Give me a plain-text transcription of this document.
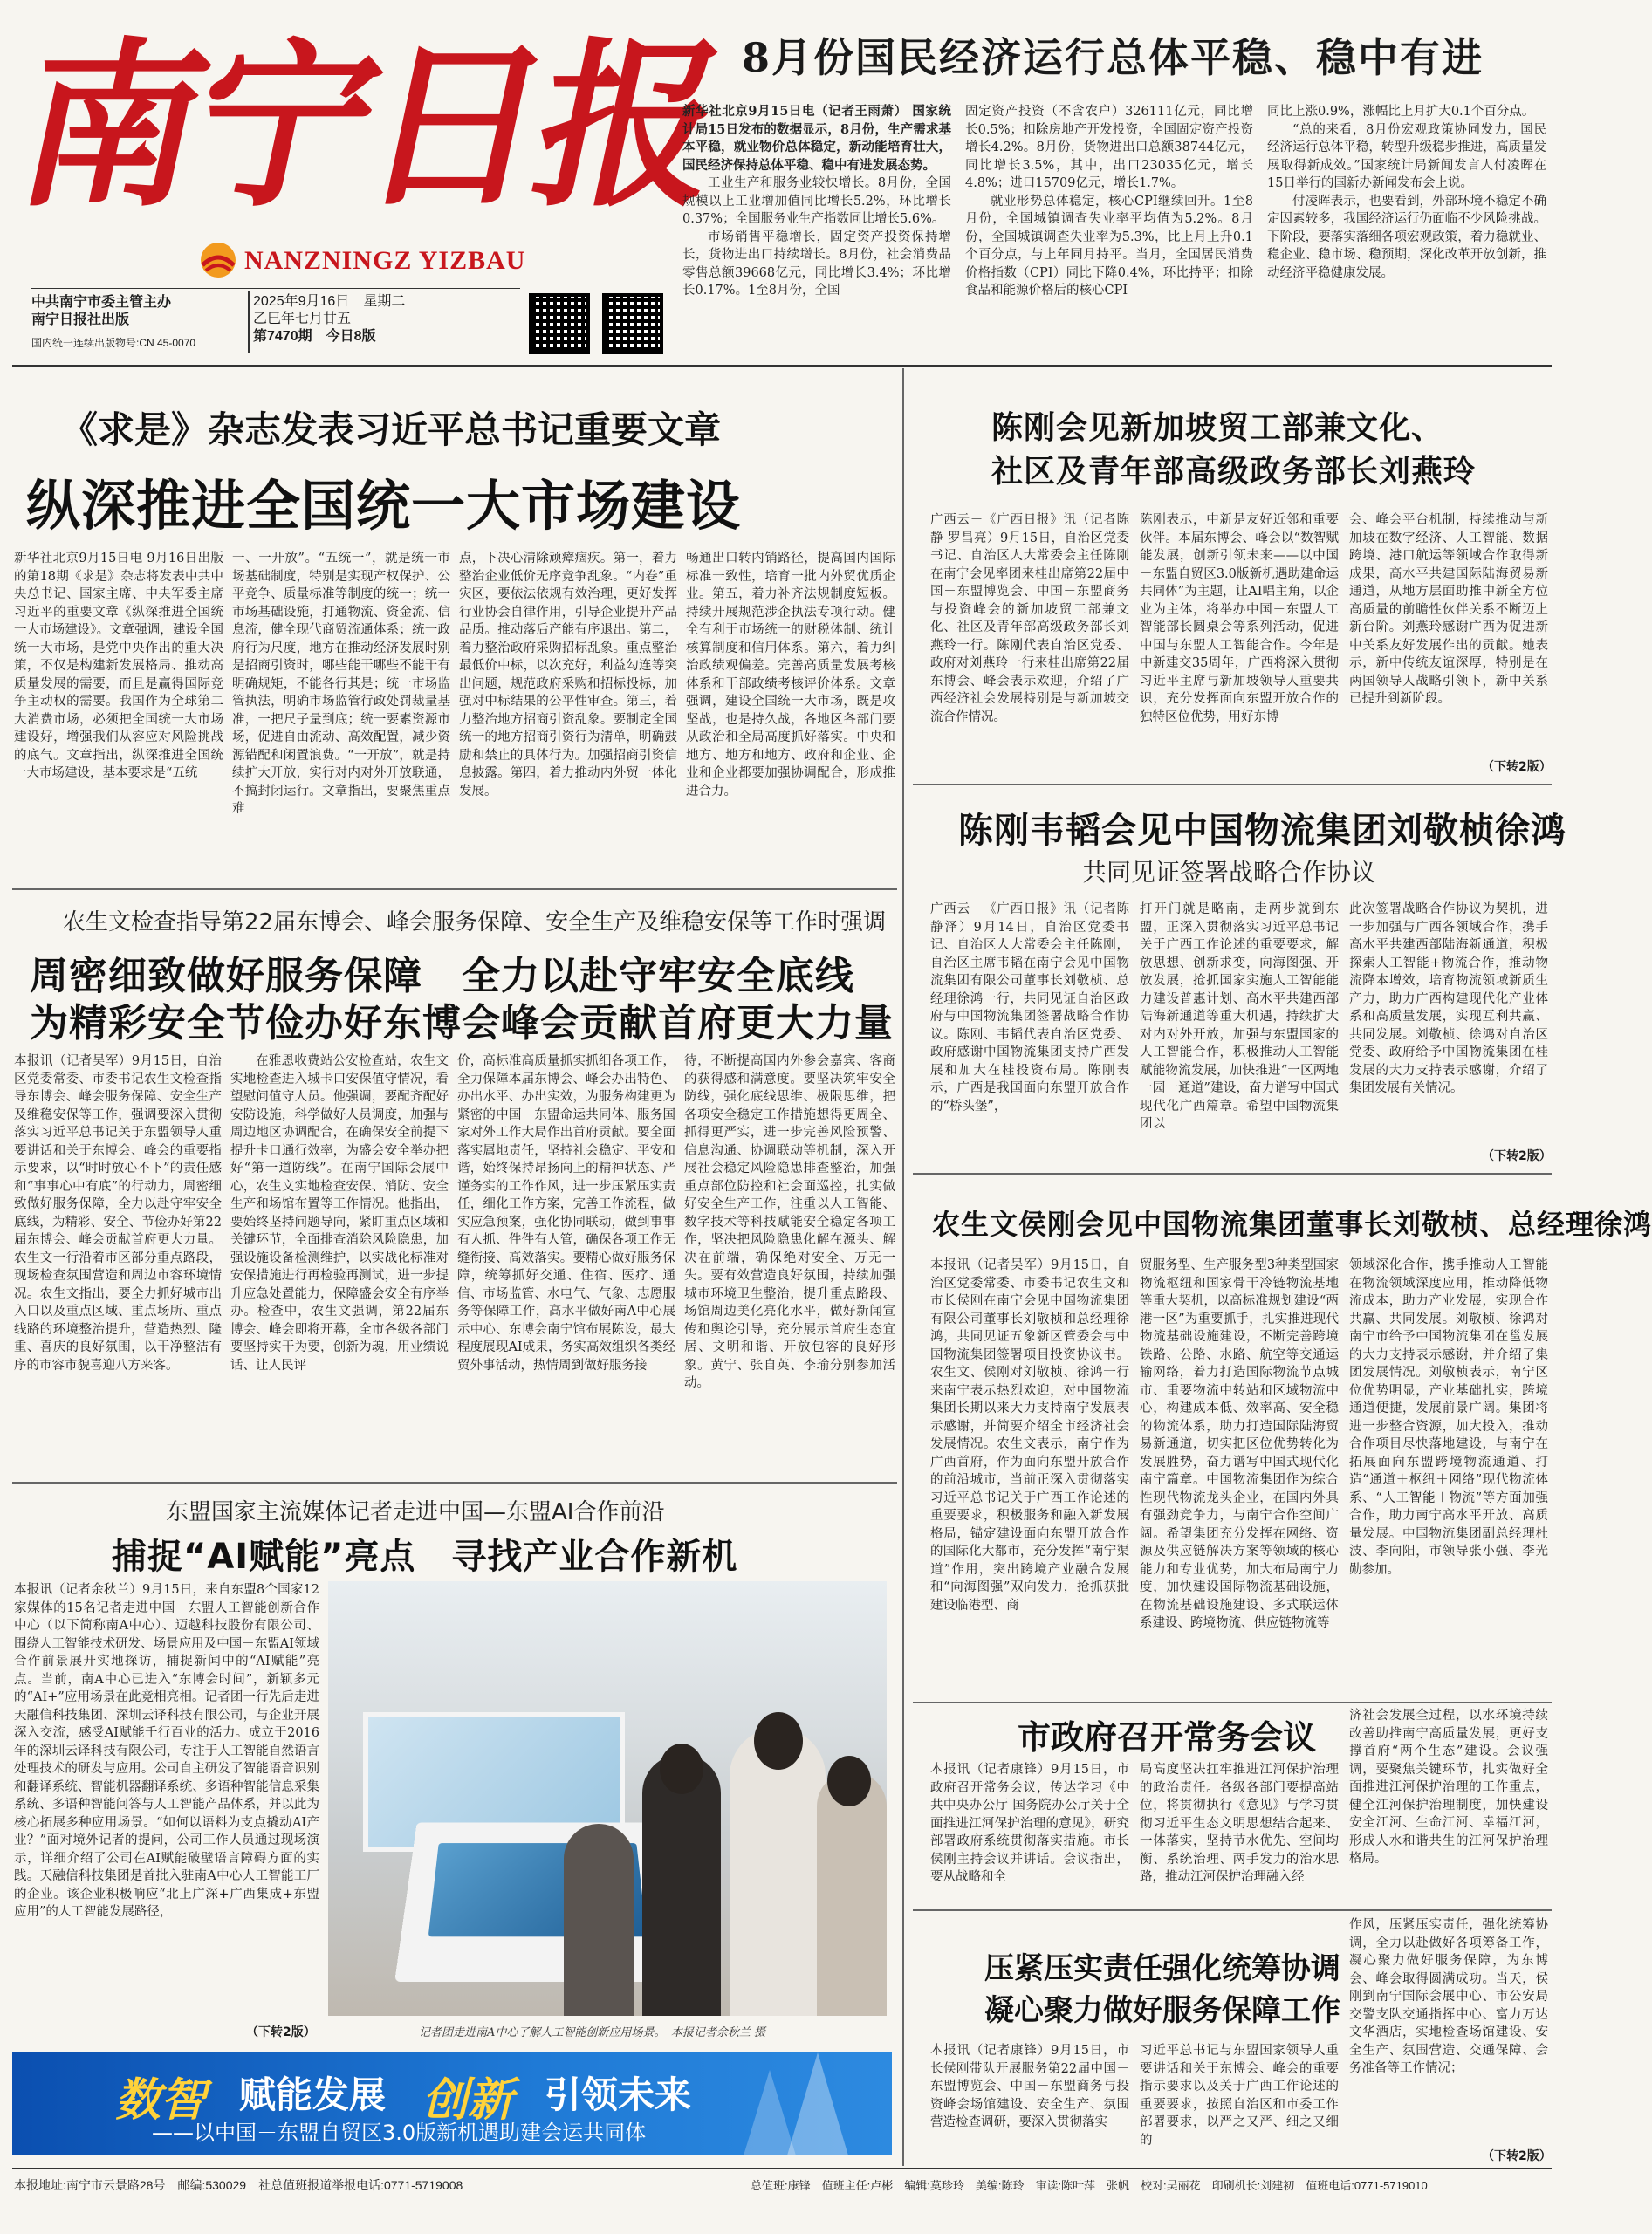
南宁日报
NANZNINGZ YIZBAU
中共南宁市委主管主办
南宁日报社出版
国内统一连续出版物号:CN 45-0070
2025年9月16日　 星期二
乙巳年七月廿五
第7470期　 今日8版
8月份国民经济运行总体平稳、稳中有进

新华社北京9月15日电（记者王雨萧） 国家统计局15日发布的数据显示，8月份，生产需求基本平稳，就业物价总体稳定，新动能培育壮大，国民经济保持总体平稳、稳中有进发展态势。

工业生产和服务业较快增长。8月份，全国规模以上工业增加值同比增长5.2%，环比增长0.37%；全国服务业生产指数同比增长5.6%。

市场销售平稳增长，固定资产投资保持增长，货物进出口持续增长。8月份，社会消费品零售总额39668亿元，同比增长3.4%；环比增长0.17%。1至8月份，全国

固定资产投资（不含农户）326111亿元，同比增长0.5%；扣除房地产开发投资，全国固定资产投资增长4.2%。8月份，货物进出口总额38744亿元，同比增长3.5%，其中，出口23035亿元，增长4.8%；进口15709亿元，增长1.7%。

就业形势总体稳定，核心CPI继续回升。1至8月份，全国城镇调查失业率平均值为5.2%。8月份，全国城镇调查失业率为5.3%，比上月上升0.1个百分点，与上年同月持平。当月，全国居民消费价格指数（CPI）同比下降0.4%，环比持平；扣除食品和能源价格后的核心CPI

同比上涨0.9%，涨幅比上月扩大0.1个百分点。

“总的来看，8月份宏观政策协同发力，国民经济运行总体平稳，转型升级稳步推进，高质量发展取得新成效。”国家统计局新闻发言人付凌晖在15日举行的国新办新闻发布会上说。

付凌晖表示，也要看到，外部环境不稳定不确定因素较多，我国经济运行仍面临不少风险挑战。下阶段，要落实落细各项宏观政策，着力稳就业、稳企业、稳市场、稳预期，深化改革开放创新，推动经济平稳健康发展。

《求是》杂志发表习近平总书记重要文章
纵深推进全国统一大市场建设

新华社北京9月15日电 9月16日出版的第18期《求是》杂志将发表中共中央总书记、国家主席、中央军委主席习近平的重要文章《纵深推进全国统一大市场建设》。文章强调，建设全国统一大市场，是党中央作出的重大决策，不仅是构建新发展格局、推动高质量发展的需要，而且是赢得国际竞争主动权的需要。我国作为全球第二大消费市场，必须把全国统一大市场建设好，增强我们从容应对风险挑战的底气。文章指出，纵深推进全国统一大市场建设，基本要求是“五统

一、一开放”。“五统一”，就是统一市场基础制度，特别是实现产权保护、公平竞争、质量标准等制度的统一；统一市场基础设施，打通物流、资金流、信息流，健全现代商贸流通体系；统一政府行为尺度，地方在推动经济发展时别是招商引资时，哪些能干哪些不能干有明确规矩，不能各行其是；统一市场监管执法，明确市场监管行政处罚裁量基准，一把尺子量到底；统一要素资源市场，促进自由流动、高效配置，减少资源错配和闲置浪费。“一开放”，就是持续扩大开放，实行对内对外开放联通，不搞封闭运行。文章指出，要聚焦重点难

点，下决心清除顽瘴痼疾。第一，着力整治企业低价无序竞争乱象。“内卷”重灾区，要依法依规有效治理，更好发挥行业协会自律作用，引导企业提升产品品质。推动落后产能有序退出。第二，着力整治政府采购招标乱象。重点整治最低价中标，以次充好，利益勾连等突出问题，规范政府采购和招标投标，加强对中标结果的公平性审查。第三，着力整治地方招商引资乱象。要制定全国统一的地方招商引资行为清单，明确鼓励和禁止的具体行为。加强招商引资信息披露。第四，着力推动内外贸一体化发展。

畅通出口转内销路径，提高国内国际标准一致性，培育一批内外贸优质企业。第五，着力补齐法规制度短板。持续开展规范涉企执法专项行动。健全有利于市场统一的财税体制、统计核算制度和信用体系。第六，着力纠治政绩观偏差。完善高质量发展考核体系和干部政绩考核评价体系。文章强调，建设全国统一大市场，既是攻坚战，也是持久战，各地区各部门要从政治和全局高度抓好落实。中央和地方、地方和地方、政府和企业、企业和企业都要加强协调配合，形成推进合力。

农生文检查指导第22届东博会、峰会服务保障、安全生产及维稳安保等工作时强调
周密细致做好服务保障　全力以赴守牢安全底线
为精彩安全节俭办好东博会峰会贡献首府更大力量

本报讯（记者吴军）9月15日，自治区党委常委、市委书记农生文检查指导东博会、峰会服务保障、安全生产及维稳安保等工作，强调要深入贯彻落实习近平总书记关于东盟领导人重要讲话和关于东博会、峰会的重要指示要求，以“时时放心不下”的责任感和“事事心中有底”的行动力，周密细致做好服务保障，全力以赴守牢安全底线，为精彩、安全、节俭办好第22届东博会、峰会贡献首府更大力量。农生文一行沿着市区部分重点路段，现场检查氛围营造和周边市容环境情况。农生文指出，要全力抓好城市出入口以及重点区域、重点场所、重点线路的环境整治提升，营造热烈、隆重、喜庆的良好氛围，以干净整洁有序的市容市貌喜迎八方来客。

在雅恩收费站公安检查站，农生文实地检查进入城卡口安保值守情况，看望慰问值守人员。他强调，要配齐配好安防设施，科学做好人员调度，加强与周边地区协调配合，在确保安全前提下提升卡口通行效率，为盛会安全举办把好“第一道防线”。在南宁国际会展中心，农生文实地检查安保、消防、安全生产和场馆布置等工作情况。他指出，要始终坚持问题导向，紧盯重点区域和关键环节，全面排查消除风险隐患，加强设施设备检测维护，以实战化标准对安保措施进行再检验再测试，进一步提升应急处置能力，保障盛会安全有序举办。检查中，农生文强调，第22届东博会、峰会即将开幕，全市各级各部门要坚持实干为要，创新为魂，用业绩说话、让人民评

价，高标准高质量抓实抓细各项工作，全力保障本届东博会、峰会办出特色、办出水平、办出实效，为服务构建更为紧密的中国－东盟命运共同体、服务国家对外工作大局作出首府贡献。要全面落实属地责任，坚持社会稳定、平安和谐，始终保持昂扬向上的精神状态、严谨务实的工作作风，进一步压紧压实责任，细化工作方案，完善工作流程，做实应急预案，强化协同联动，做到事事有人抓、件件有人管，确保各项工作无缝衔接、高效落实。要精心做好服务保障，统筹抓好交通、住宿、医疗、通信、市场监管、水电气、气象、志愿服务等保障工作，高水平做好南A中心展示中心、东博会南宁馆布展陈设，最大程度展现AI成果，务实高效组织各类经贸外事活动，热情周到做好服务接

待，不断提高国内外参会嘉宾、客商的获得感和满意度。要坚决筑牢安全防线，强化底线思维、极限思维，把各项安全稳定工作措施想得更周全、抓得更严实，进一步完善风险预警、信息沟通、协调联动等机制，深入开展社会稳定风险隐患排查整治，加强重点部位防控和社会面巡控，扎实做好安全生产工作，注重以人工智能、数字技术等科技赋能安全稳定各项工作，坚决把风险隐患化解在源头、解决在前端，确保绝对安全、万无一失。要有效营造良好氛围，持续加强城市环境卫生整治，提升重点路段、场馆周边美化亮化水平，做好新闻宣传和舆论引导，充分展示首府生态宜居、文明和谐、开放包容的良好形象。黄宁、张自英、李瑜分别参加活动。

东盟国家主流媒体记者走进中国—东盟AI合作前沿
捕捉“AI赋能”亮点　寻找产业合作新机

本报讯（记者余秋兰）9月15日，来自东盟8个国家12家媒体的15名记者走进中国－东盟人工智能创新合作中心（以下简称南A中心）、迈越科技股份有限公司、围绕人工智能技术研发、场景应用及中国－东盟AI领域合作前景展开实地探访，捕捉新闻中的“AI赋能”亮点。当前，南A中心已进入“东博会时间”，新颖多元的“AI+”应用场景在此竞相亮相。记者团一行先后走进天融信科技集团、深圳云译科技有限公司，与企业开展深入交流，感受AI赋能千行百业的活力。成立于2016年的深圳云译科技有限公司，专注于人工智能自然语言处理技术的研发与应用。公司自主研发了智能语音识别和翻译系统、智能机器翻译系统、多语种智能信息采集系统、多语种智能问答与人工智能产品体系，并以此为核心拓展多种应用场景。“如何以语料为支点撬动AI产业？”面对境外记者的提问，公司工作人员通过现场演示，详细介绍了公司在AI赋能破壁语言障碍方面的实践。天融信科技集团是首批入驻南A中心人工智能工厂的企业。该企业积极响应“北上广深+广西集成+东盟应用”的人工智能发展路径，

（下转2版）	记者团走进南A中心了解人工智能创新应用场景。　本报记者余秋兰 摄
数智 赋能发展 创新 引领未来
——以中国－东盟自贸区3.0版新机遇助建会运共同体
陈刚会见新加坡贸工部兼文化、
社区及青年部高级政务部长刘燕玲

广西云－《广西日报》讯（记者陈静 罗昌亮）9月15日，自治区党委书记、自治区人大常委会主任陈刚在南宁会见率团来桂出席第22届中国－东盟博览会、中国－东盟商务与投资峰会的新加坡贸工部兼文化、社区及青年部高级政务部长刘燕玲一行。陈刚代表自治区党委、政府对刘燕玲一行来桂出席第22届东博会、峰会表示欢迎，介绍了广西经济社会发展特别是与新加坡交流合作情况。

陈刚表示，中新是友好近邻和重要伙伴。本届东博会、峰会以“数智赋能发展，创新引领未来——以中国－东盟自贸区3.0版新机遇助建命运共同体”为主题，让AI唱主角，以企业为主体，将举办中国－东盟人工智能部长圆桌会等系列活动，促进中国与东盟人工智能合作。今年是中新建交35周年，广西将深入贯彻习近平主席与新加坡领导人重要共识，充分发挥面向东盟开放合作的独特区位优势，用好东博

会、峰会平台机制，持续推动与新加坡在数字经济、人工智能、数据跨境、港口航运等领域合作取得新成果，高水平共建国际陆海贸易新通道，从地方层面助推中新全方位高质量的前瞻性伙伴关系不断迈上新台阶。刘燕玲感谢广西为促进新中关系友好发展作出的贡献。她表示，新中传统友谊深厚，特别是在两国领导人战略引领下，新中关系已提升到新阶段。

（下转2版）
陈刚韦韬会见中国物流集团刘敬桢徐鸿
共同见证签署战略合作协议

广西云－《广西日报》讯（记者陈静泽）9月14日，自治区党委书记、自治区人大常委会主任陈刚，自治区主席韦韬在南宁会见中国物流集团有限公司董事长刘敬桢、总经理徐鸿一行，共同见证自治区政府与中国物流集团签署战略合作协议。陈刚、韦韬代表自治区党委、政府感谢中国物流集团支持广西发展和加大在桂投资布局。陈刚表示，广西是我国面向东盟开放合作的“桥头堡”，

打开门就是略南，走两步就到东盟，正深入贯彻落实习近平总书记关于广西工作论述的重要要求，解放思想、创新求变，向海图强、开放发展，抢抓国家实施人工智能能力建设普惠计划、高水平共建西部陆海新通道等重大机遇，持续扩大对内对外开放，加强与东盟国家的人工智能合作，积极推动人工智能赋能物流发展，加快推进“一区两地一园一通道”建设，奋力谱写中国式现代化广西篇章。希望中国物流集团以

此次签署战略合作协议为契机，进一步加强与广西各领域合作，携手高水平共建西部陆海新通道，积极探索人工智能+物流合作，推动物流降本增效，培育物流领域新质生产力，助力广西构建现代化产业体系和高质量发展，实现互利共赢、共同发展。刘敬桢、徐鸿对自治区党委、政府给予中国物流集团在桂发展的大力支持表示感谢，介绍了集团发展有关情况。

（下转2版）
农生文侯刚会见中国物流集团董事长刘敬桢、总经理徐鸿

本报讯（记者吴军）9月15日，自治区党委常委、市委书记农生文和市长侯刚在南宁会见中国物流集团有限公司董事长刘敬桢和总经理徐鸿，共同见证五象新区管委会与中国物流集团签署项目投资协议书。农生文、侯刚对刘敬桢、徐鸿一行来南宁表示热烈欢迎，对中国物流集团长期以来大力支持南宁发展表示感谢，并简要介绍全市经济社会发展情况。农生文表示，南宁作为广西首府，作为面向东盟开放合作的前沿城市，当前正深入贯彻落实习近平总书记关于广西工作论述的重要要求，积极服务和融入新发展格局，锚定建设面向东盟开放合作的国际化大都市，充分发挥“南宁渠道”作用，突出跨境产业融合发展和“向海图强”双向发力，抢抓获批建设临港型、商

贸服务型、生产服务型3种类型国家物流枢纽和国家骨干冷链物流基地等重大契机，以高标准规划建设“两港一区”为重要抓手，扎实推进现代物流基础设施建设，不断完善跨境铁路、公路、水路、航空等交通运输网络，着力打造国际物流节点城市、重要物流中转站和区域物流中心，构建成本低、效率高、安全稳的物流体系，助力打造国际陆海贸易新通道，切实把区位优势转化为发展胜势，奋力谱写中国式现代化南宁篇章。中国物流集团作为综合性现代物流龙头企业，在国内外具有强劲竞争力，与南宁合作空间广阔。希望集团充分发挥在网络、资源及供应链解决方案等领域的核心能力和专业优势，加大布局南宁力度，加快建设国际物流基础设施，在物流基础设施建设、多式联运体系建设、跨境物流、供应链物流等

领域深化合作，携手推动人工智能在物流领域深度应用，推动降低物流成本，助力产业发展，实现合作共赢、共同发展。刘敬桢、徐鸿对南宁市给予中国物流集团在邕发展的大力支持表示感谢，并介绍了集团发展情况。刘敬桢表示，南宁区位优势明显，产业基础扎实，跨境通道便捷，发展前景广阔。集团将进一步整合资源，加大投入，推动合作项目尽快落地建设，与南宁在拓展面向东盟跨境物流通道、打造“通道＋枢纽＋网络”现代物流体系、“人工智能＋物流”等方面加强合作，助力南宁高水平开放、高质量发展。中国物流集团副总经理杜波、李向阳，市领导张小强、李光勋参加。

市政府召开常务会议

本报讯（记者康锋）9月15日，市政府召开常务会议，传达学习《中共中央办公厅 国务院办公厅关于全面推进江河保护治理的意见》，研究部署政府系统贯彻落实措施。市长侯刚主持会议并讲话。会议指出，要从战略和全

局高度坚决扛牢推进江河保护治理的政治责任。各级各部门要提高站位，将贯彻执行《意见》与学习贯彻习近平生态文明思想结合起来、一体落实，坚持节水优先、空间均衡、系统治理、两手发力的治水思路，推动江河保护治理融入经

济社会发展全过程，以水环境持续改善助推南宁高质量发展，更好支撑首府“两个生态”建设。会议强调，要聚焦关键环节，扎实做好全面推进江河保护治理的工作重点，健全江河保护治理制度，加快建设安全江河、生命江河、幸福江河，形成人水和谐共生的江河保护治理格局。

压紧压实责任强化统筹协调
凝心聚力做好服务保障工作

本报讯（记者康锋）9月15日，市长侯刚带队开展服务第22届中国－东盟博览会、中国－东盟商务与投资峰会场馆建设、安全生产、氛围营造检查调研，要深入贯彻落实

习近平总书记与东盟国家领导人重要讲话和关于东博会、峰会的重要指示要求以及关于广西工作论述的重要要求，按照自治区和市委工作部署要求，以严之又严、细之又细的

作风，压紧压实责任，强化统筹协调，全力以赴做好各项筹备工作，凝心聚力做好服务保障，为东博会、峰会取得圆满成功。当天，侯刚到南宁国际会展中心、市公安局交警支队交通指挥中心、富力万达文华酒店，实地检查场馆建设、安全生产、氛围营造、交通保障、会务准备等工作情况；

（下转2版）
本报地址:南宁市云景路28号　 邮编:530029　 社总值班报道举报电话:0771-5719008	总值班:康锋　值班主任:卢彬　编辑:莫珍玲　美编:陈玲　审读:陈叶萍　张帆　校对:吴丽花　印刷机长:刘建初　值班电话:0771-5719010
